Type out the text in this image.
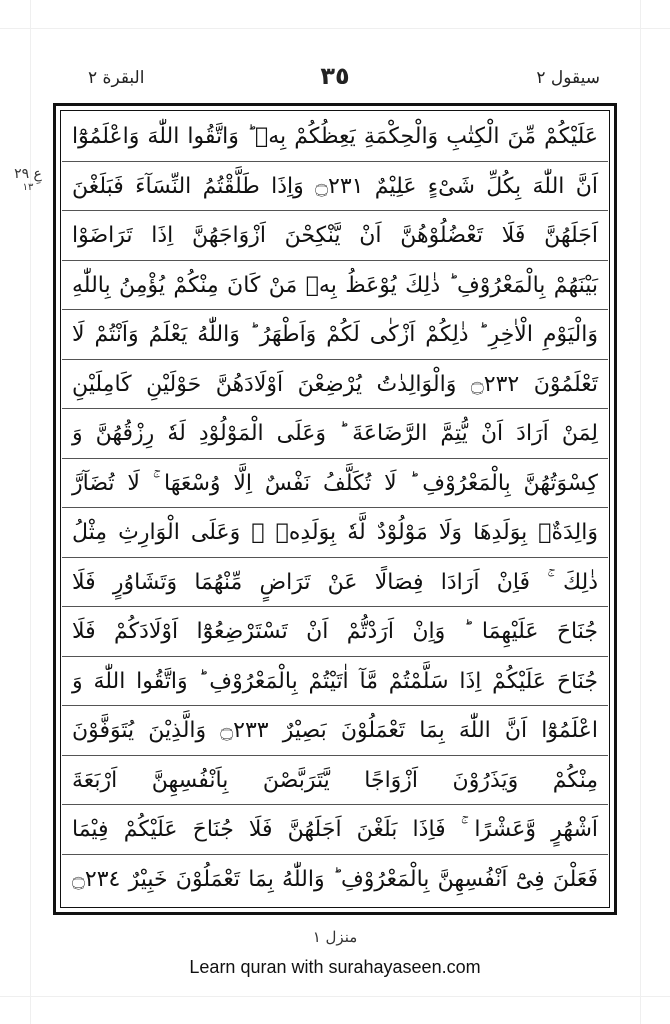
البقرة ٢	٣٥	سیقول ٢
عِ ٢٩
١٣
عَلَيْكُمْ مِّنَ الْكِتٰبِ وَالْحِكْمَةِ يَعِظُكُمْ بِهٖ ؕ وَاتَّقُوا اللّٰهَ وَاعْلَمُوْٓا
اَنَّ اللّٰهَ بِكُلِّ شَیْءٍ عَلِيْمٌ ۝٢٣١ وَاِذَا طَلَّقْتُمُ النِّسَآءَ فَبَلَغْنَ
اَجَلَهُنَّ فَلَا تَعْضُلُوْهُنَّ اَنْ يَّنْكِحْنَ اَزْوَاجَهُنَّ اِذَا تَرَاضَوْا
بَيْنَهُمْ بِالْمَعْرُوْفِ ؕ ذٰلِكَ يُوْعَظُ بِهٖ مَنْ كَانَ مِنْكُمْ يُؤْمِنُ بِاللّٰهِ
وَالْيَوْمِ الْاٰخِرِ ؕ ذٰلِكُمْ اَزْكٰى لَكُمْ وَاَطْهَرُ ؕ وَاللّٰهُ يَعْلَمُ وَاَنْتُمْ لَا
تَعْلَمُوْنَ ۝٢٣٢ وَالْوَالِدٰتُ يُرْضِعْنَ اَوْلَادَهُنَّ حَوْلَيْنِ كَامِلَيْنِ
لِمَنْ اَرَادَ اَنْ يُّتِمَّ الرَّضَاعَةَ ؕ وَعَلَى الْمَوْلُوْدِ لَهٗ رِزْقُهُنَّ وَ
كِسْوَتُهُنَّ بِالْمَعْرُوْفِ ؕ لَا تُكَلَّفُ نَفْسٌ اِلَّا وُسْعَهَا ۚ لَا تُضَآرَّ
وَالِدَةٌۢ بِوَلَدِهَا وَلَا مَوْلُوْدٌ لَّهٗ بِوَلَدِهٖ ۚ وَعَلَى الْوَارِثِ مِثْلُ
ذٰلِكَ ۚ فَاِنْ اَرَادَا فِصَالًا عَنْ تَرَاضٍ مِّنْهُمَا وَتَشَاوُرٍ فَلَا
جُنَاحَ عَلَيْهِمَا ؕ وَاِنْ اَرَدْتُّمْ اَنْ تَسْتَرْضِعُوْٓا اَوْلَادَكُمْ فَلَا
جُنَاحَ عَلَيْكُمْ اِذَا سَلَّمْتُمْ مَّآ اٰتَيْتُمْ بِالْمَعْرُوْفِ ؕ وَاتَّقُوا اللّٰهَ وَ
اعْلَمُوْٓا اَنَّ اللّٰهَ بِمَا تَعْمَلُوْنَ بَصِيْرٌ ۝٢٣٣ وَالَّذِيْنَ يُتَوَفَّوْنَ
مِنْكُمْ وَيَذَرُوْنَ اَزْوَاجًا يَّتَرَبَّصْنَ بِاَنْفُسِهِنَّ اَرْبَعَةَ
اَشْهُرٍ وَّعَشْرًا ۚ فَاِذَا بَلَغْنَ اَجَلَهُنَّ فَلَا جُنَاحَ عَلَيْكُمْ فِيْمَا
فَعَلْنَ فِیْٓ اَنْفُسِهِنَّ بِالْمَعْرُوْفِ ؕ وَاللّٰهُ بِمَا تَعْمَلُوْنَ خَبِيْرٌ ۝٢٣٤
منزل ١
Learn quran with surahayaseen.com
